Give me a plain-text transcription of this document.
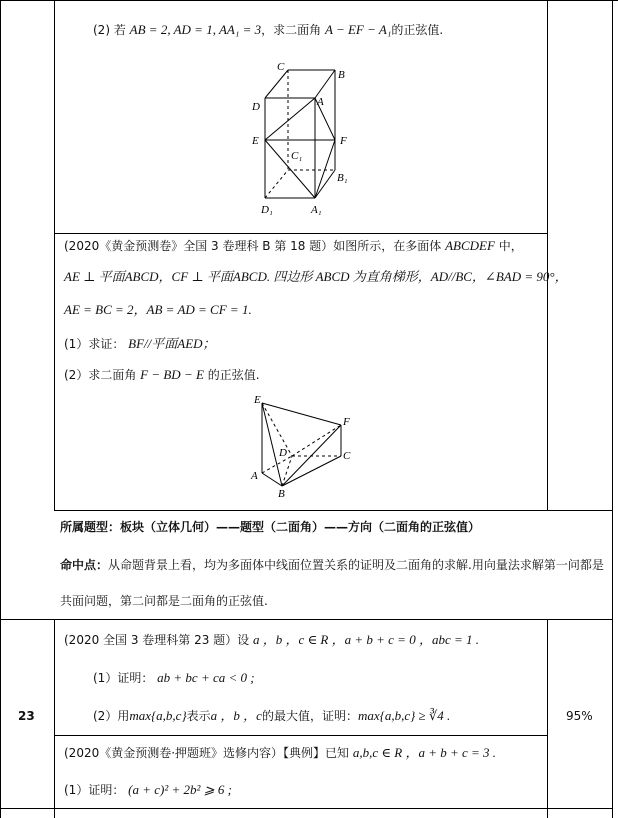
(2) 若 AB = 2, AD = 1, AA₁ = 3，求二面角 A − EF − A₁的正弦值.
C
B
D	A
E	F
C₁
B₁
D₁	A₁
(2020《黄金预测卷》全国 3 卷理科 B 第 18 题）如图所示，在多面体 ABCDEF 中，
AE ⊥ 平面ABCD，CF ⊥ 平面ABCD. 四边形 ABCD 为直角梯形，AD//BC，∠BAD = 90°，
AE = BC = 2，AB = AD = CF = 1.
(1）求证： BF//平面AED；
(2）求二面角 F − BD − E 的正弦值.
E
F
D	C
A
B
所属题型：板块（立体几何）——题型（二面角）——方向（二面角的正弦值）
命中点：从命题背景上看，均为多面体中线面位置关系的证明及二面角的求解.用向量法求解第一问都是
共面问题，第二问都是二面角的正弦值.
23	95%
(2020 全国 3 卷理科第 23 题）设 a ，b ，c ∈ R ，a + b + c = 0 ，abc = 1 .
(1）证明： ab + bc + ca < 0 ;
(2）用max{a,b,c}表示a ，b ，c的最大值，证明：max{a,b,c} ≥ ∛4 .
(2020《黄金预测卷·押题班》选修内容）【典例】已知 a,b,c ∈ R ，a + b + c = 3 .
(1）证明： (a + c)² + 2b² ⩾ 6 ;
